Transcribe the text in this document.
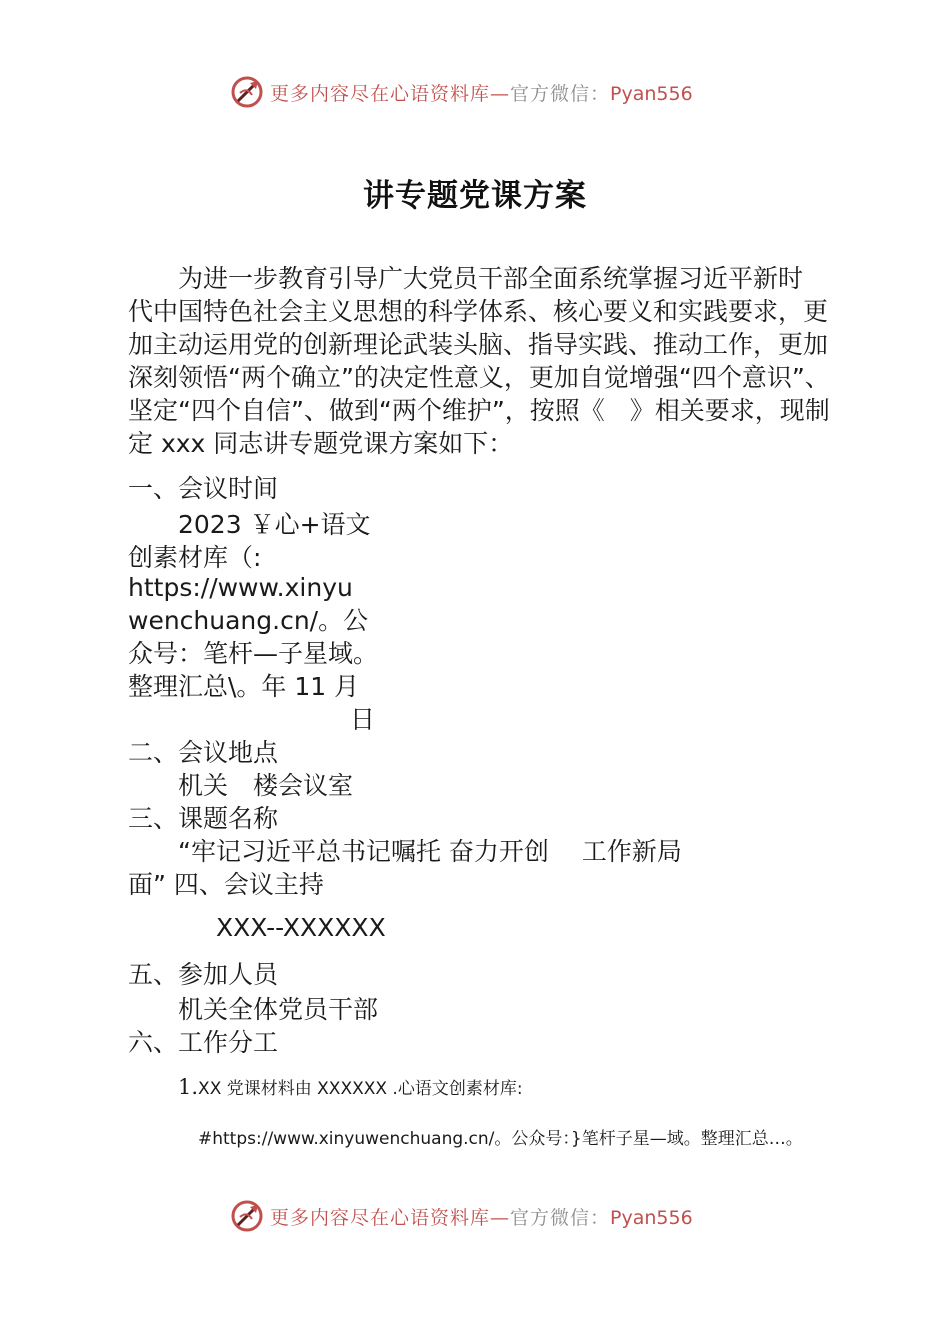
更多内容尽在心语资料库—官方微信：Pyan556
讲专题党课方案

为进一步教育引导广大党员干部全面系统掌握习近平新时
代中国特色社会主义思想的科学体系、核心要义和实践要求，更
加主动运用党的创新理论武装头脑、指导实践、推动工作，更加
深刻领悟“两个确立”的决定性意义，更加自觉增强“四个意识”、
坚定“四个自信”、做到“两个维护”，按照《　》相关要求，现制
定 xxx 同志讲专题党课方案如下：

一、会议时间
2023 ￥心+语文
创素材库（:
https://www.xinyu
wenchuang.cn/。公
众号：笔杆—子星域。
整理汇总\。年 11 月
日
二、会议地点
机关　楼会议室
三、课题名称
“牢记习近平总书记嘱托 奋力开创　 工作新局
面” 四、会议主持
XXX--XXXXXX
五、参加人员
机关全体党员干部
六、工作分工
1.XX 党课材料由 XXXXXX .心语文创素材库:
#https://www.xinyuwenchuang.cn/。公众号：}笔杆子星—域。整理汇总…。
更多内容尽在心语资料库—官方微信：Pyan556
